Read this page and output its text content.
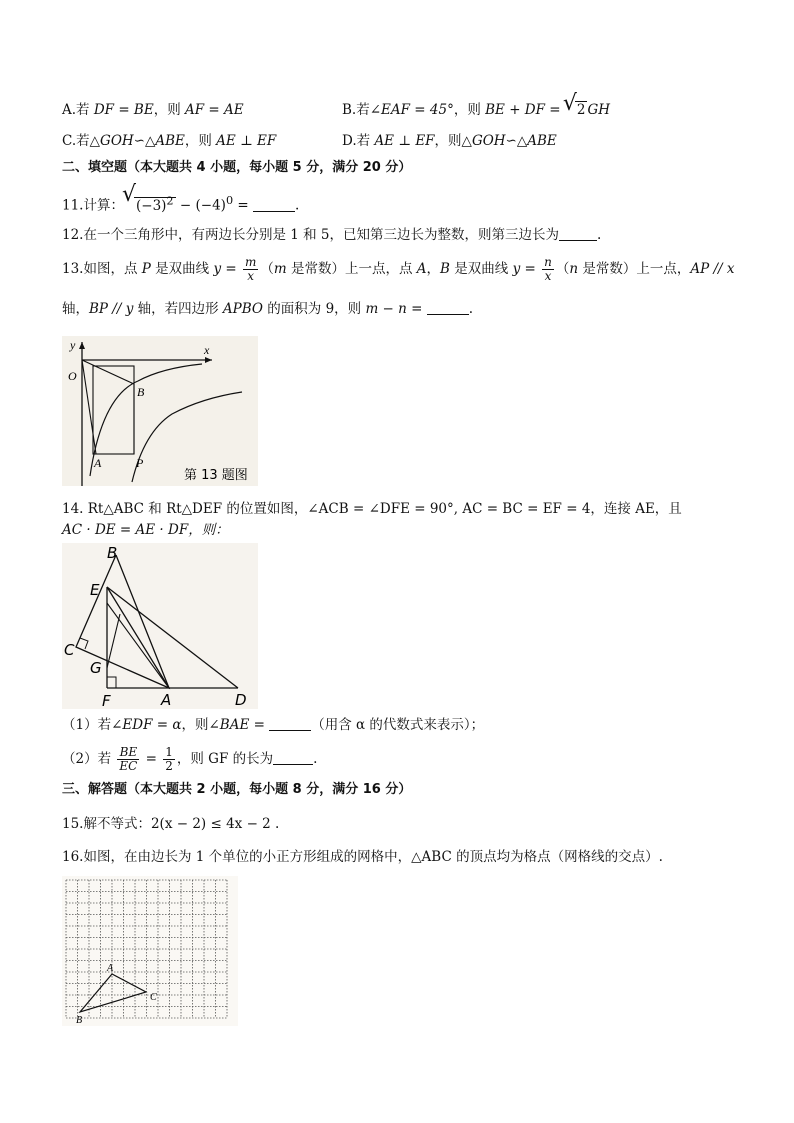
A.若 DF = BE，则 AF = AE	B.若∠EAF = 45°，则 BE + DF =
√ 2 GH
C.若△GOH∽△ABE，则 AE ⊥ EF	D.若 AE ⊥ EF，则△GOH∽△ABE
二、填空题（本大题共 4 小题，每小题 5 分，满分 20 分）
11.计算：
√ $(-3)^2 - (-4)^0$ =	.
12.在一个三角形中，有两边长分别是 1 和 5，已知第三边长为整数，则第三边长为	.
13.如图，点 P 是双曲线 $y = \frac{m}{x} (m$ 是常数）上一点，点 A，B 是双曲线 $y = \frac{n}{x} (n$ 是常数）上一点，AP // x
轴，BP // y 轴，若四边形 APBO 的面积为 9，则 m − n =	.
y	x
O
B
A	P
第 13 题图
14. Rt△ABC 和 Rt△DEF 的位置如图，∠ACB = ∠DFE = 90°, AC = BC = EF = 4，连接 AE，且
AC · DE = AE · DF，则：
B
E
C
G
F	A	D
（1）若∠EDF = α，则∠BAE =	（用含 α 的代数式来表示）；
（2）若 $\frac{BE}{EC} = \frac{1}{2}$ ，则 GF 的长为	.
三、解答题（本大题共 2 小题，每小题 8 分，满分 16 分）
15.解不等式：2(x − 2) ≤ 4x − 2 .
16.如图，在由边长为 1 个单位的小正方形组成的网格中，△ABC 的顶点均为格点（网格线的交点）.
A
B
C
